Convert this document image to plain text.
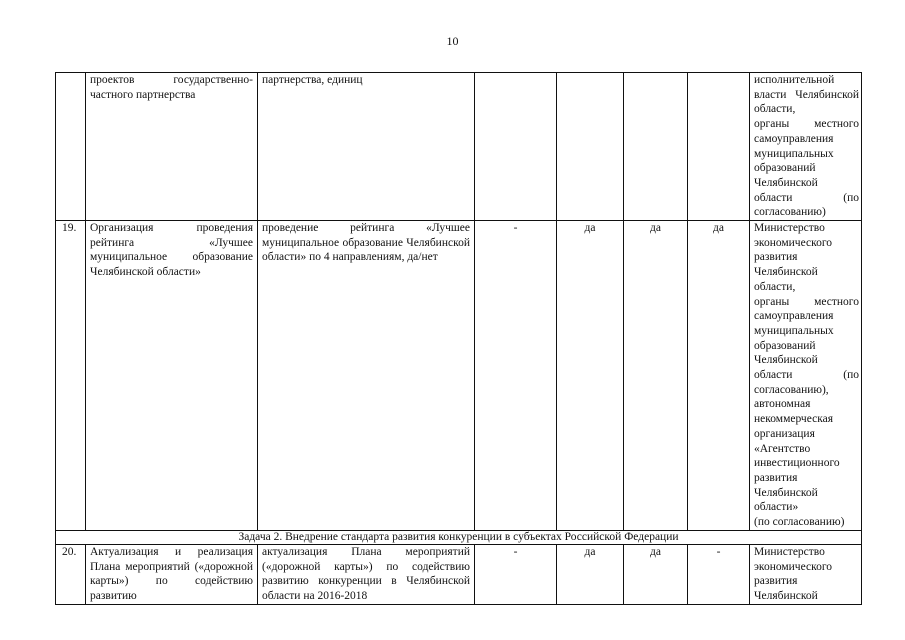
10
	проектов государственно-частного партнерства	партнерства, единиц					исполнительной власти Челябинской области,
органы местного самоуправления муниципальных образований Челябинской области (по согласованию)
19.	Организация проведения рейтинга «Лучшее муниципальное образование Челябинской области»	проведение рейтинга «Лучшее муниципальное образование Челябинской области» по 4 направлениям, да/нет	-	да	да	да	Министерство экономического развития Челябинской области,
органы местного самоуправления муниципальных образований Челябинской области (по согласованию),
автономная некоммерческая организация «Агентство инвестиционного развития Челябинской области»
(по согласованию)
Задача 2. Внедрение стандарта развития конкуренции в субъектах Российской Федерации							
20.	Актуализация и реализация Плана мероприятий («дорожной карты») по содействию развитию	актуализация Плана мероприятий («дорожной карты») по содействию развитию конкуренции в Челябинской области на 2016-2018	-	да	да	-	Министерство экономического развития Челябинской
